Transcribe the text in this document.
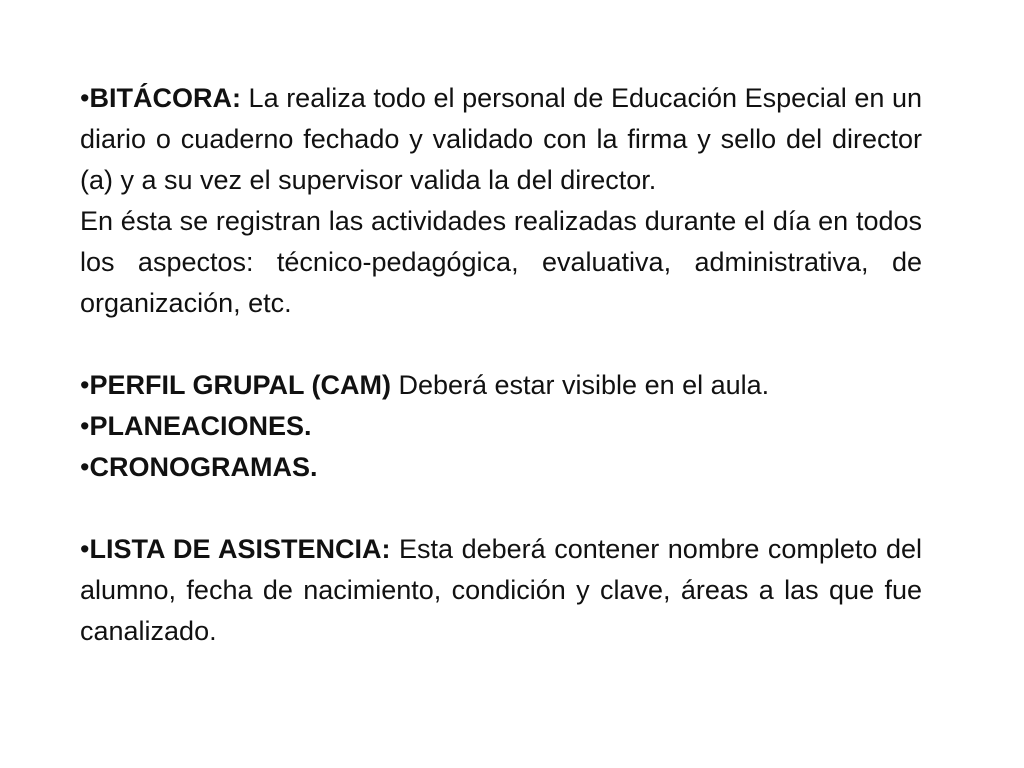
• BITÁCORA: La realiza todo el personal de Educación Especial en un diario o cuaderno fechado y validado con la firma y sello del director (a) y a su vez el supervisor valida la del director.

En ésta se registran las actividades realizadas durante el día en todos los aspectos: técnico-pedagógica, evaluativa, administrativa, de organización, etc.

• PERFIL GRUPAL (CAM) Deberá estar visible en el aula.

• PLANEACIONES.

• CRONOGRAMAS.

• LISTA DE ASISTENCIA: Esta deberá contener nombre completo del alumno, fecha de nacimiento, condición y clave, áreas a las que fue canalizado.
